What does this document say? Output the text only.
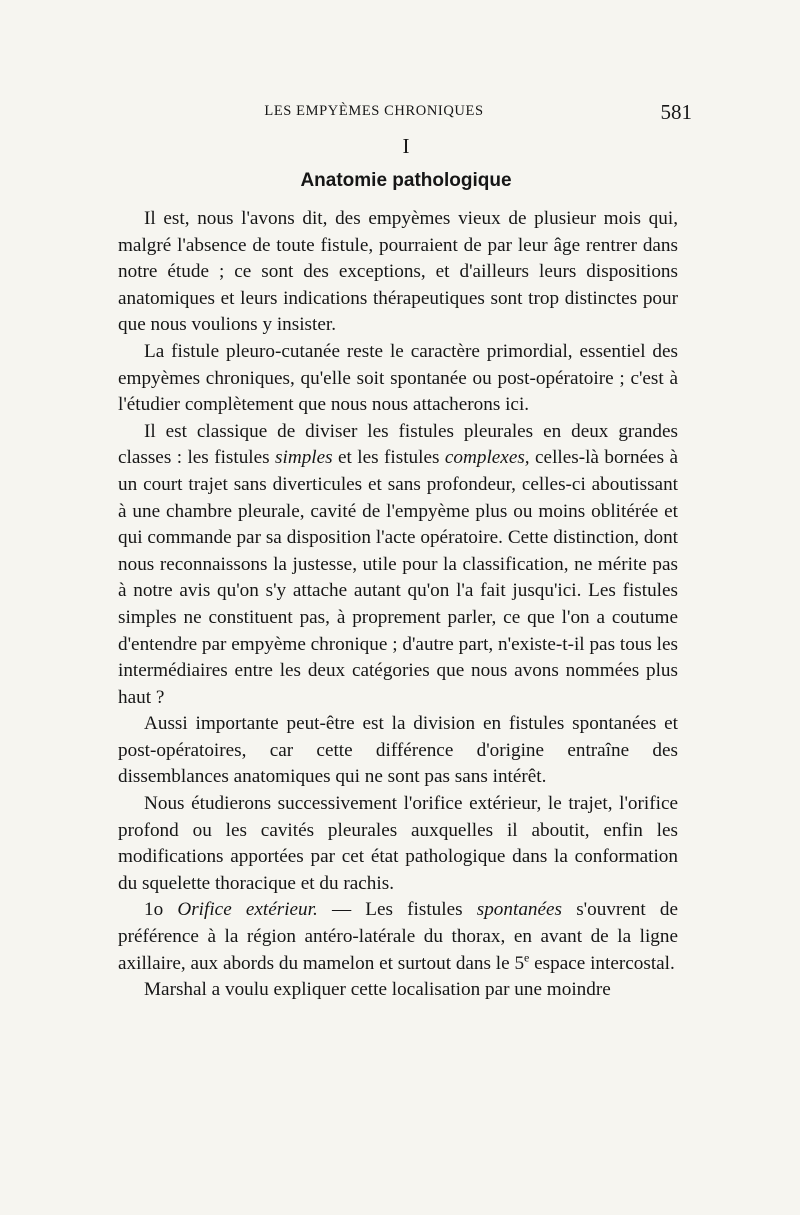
LES EMPYÈMES CHRONIQUES	581
I
Anatomie pathologique

Il est, nous l'avons dit, des empyèmes vieux de plusieur mois qui, malgré l'absence de toute fistule, pourraient de par leur âge rentrer dans notre étude ; ce sont des exceptions, et d'ailleurs leurs dispositions anatomiques et leurs indications thérapeutiques sont trop distinctes pour que nous voulions y insister.

La fistule pleuro-cutanée reste le caractère primordial, essentiel des empyèmes chroniques, qu'elle soit spontanée ou post-opératoire ; c'est à l'étudier complètement que nous nous attacherons ici.

Il est classique de diviser les fistules pleurales en deux grandes classes : les fistules simples et les fistules complexes, celles-là bornées à un court trajet sans diverticules et sans profondeur, celles-ci aboutissant à une chambre pleurale, cavité de l'empyème plus ou moins oblitérée et qui commande par sa disposition l'acte opératoire. Cette distinction, dont nous reconnaissons la justesse, utile pour la classification, ne mérite pas à notre avis qu'on s'y attache autant qu'on l'a fait jusqu'ici. Les fistules simples ne constituent pas, à proprement parler, ce que l'on a coutume d'entendre par empyème chronique ; d'autre part, n'existe-t-il pas tous les intermédiaires entre les deux catégories que nous avons nommées plus haut ?

Aussi importante peut-être est la division en fistules spontanées et post-opératoires, car cette différence d'origine entraîne des dissemblances anatomiques qui ne sont pas sans intérêt.

Nous étudierons successivement l'orifice extérieur, le trajet, l'orifice profond ou les cavités pleurales auxquelles il aboutit, enfin les modifications apportées par cet état pathologique dans la conformation du squelette thoracique et du rachis.

1o Orifice extérieur. — Les fistules spontanées s'ouvrent de préférence à la région antéro-latérale du thorax, en avant de la ligne axillaire, aux abords du mamelon et surtout dans le 5e espace intercostal.

Marshal a voulu expliquer cette localisation par une moindre
